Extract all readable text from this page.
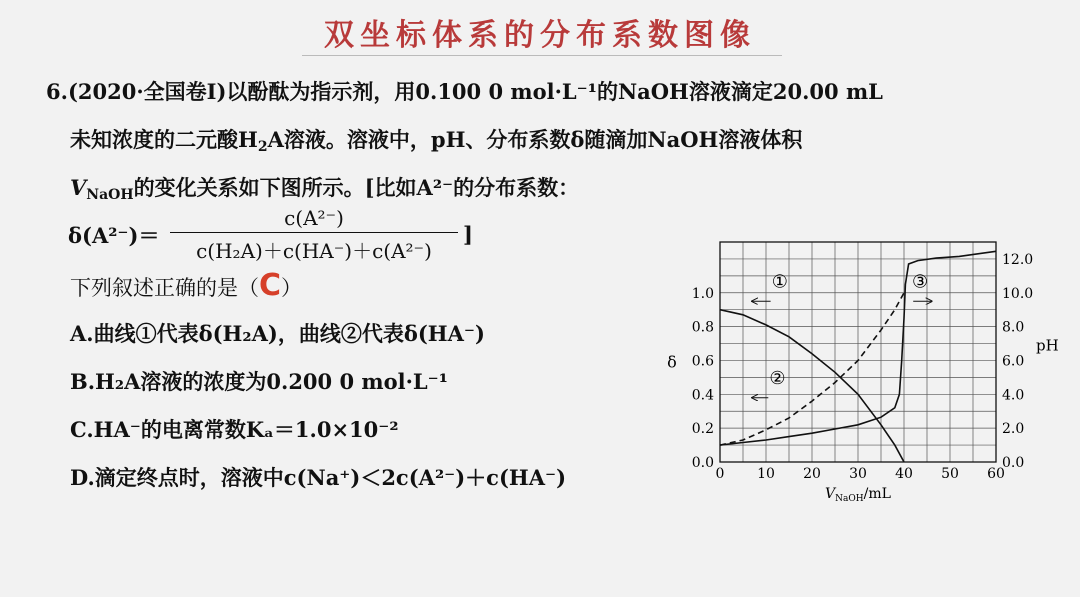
双坐标体系的分布系数图像
6.(2020·全国卷Ⅰ)以酚酞为指示剂，用0.100 0 mol·L⁻¹的NaOH溶液滴定20.00 mL
未知浓度的二元酸$H_2A$溶液。溶液中，pH、分布系数δ随滴加NaOH溶液体积
$V_{NaOH}$的变化关系如下图所示。[比如A²⁻的分布系数：
δ(A²⁻)＝
c(A²⁻)
c(H₂A)＋c(HA⁻)＋c(A²⁻)
]
下列叙述正确的是（C）
A.曲线①代表δ(H₂A)，曲线②代表δ(HA⁻)
B.H₂A溶液的浓度为0.200 0 mol·L⁻¹
C.HA⁻的电离常数Kₐ＝1.0×10⁻²
D.滴定终点时，溶液中c(Na⁺)＜2c(A²⁻)＋c(HA⁻)	0 10 20 30 40 50 60
0.0
0.2
0.4
0.6
0.8
1.0
0.0
2.0
4.0
6.0
8.0
10.0
12.0
①
②
③
δ
pH
$V_{NaOH}/mL$
